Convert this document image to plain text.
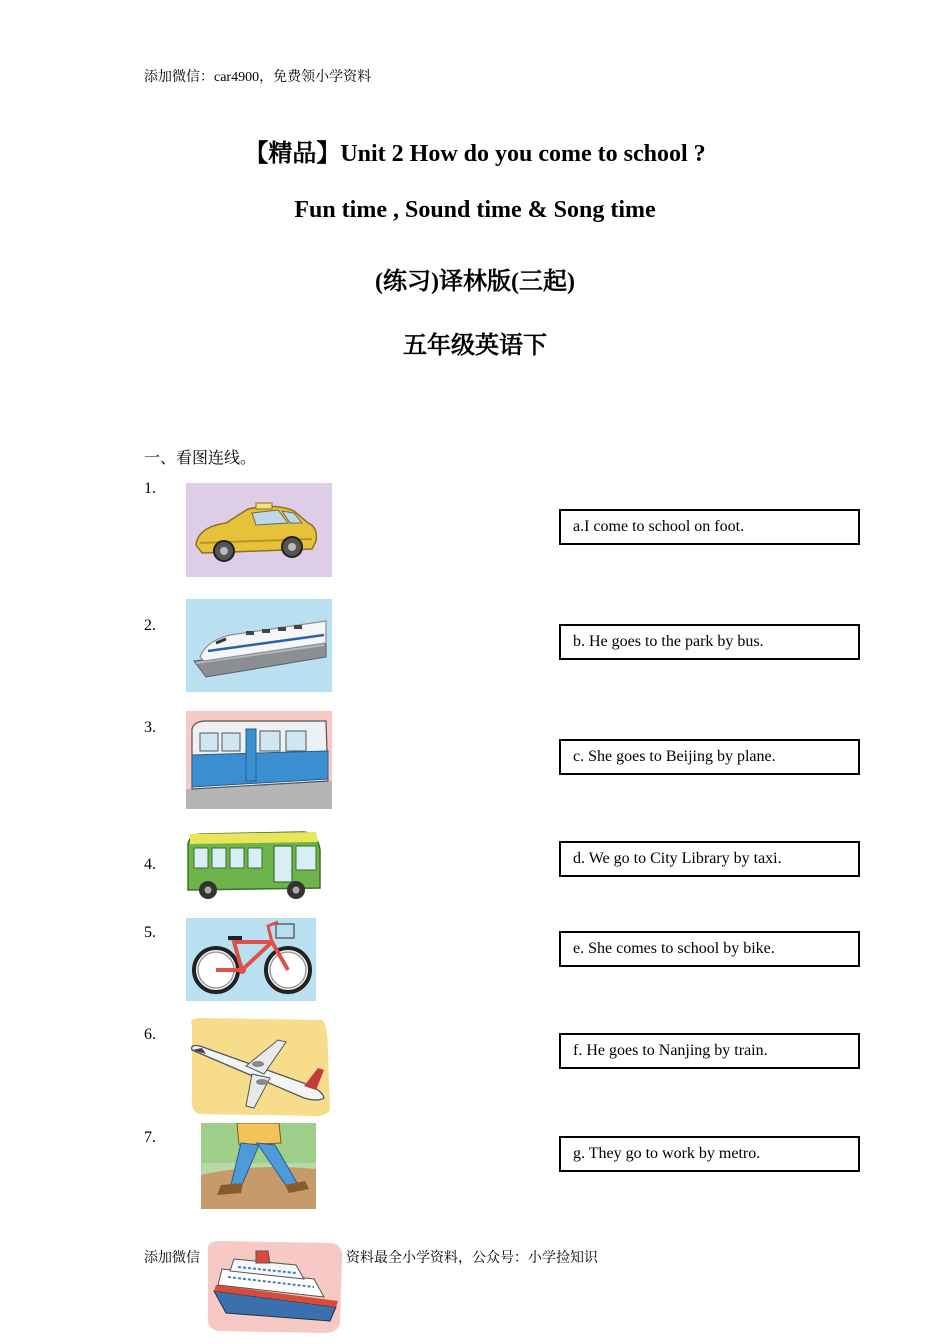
添加微信：car4900，免费领小学资料
【精品】Unit 2 How do you come to school ?
Fun time , Sound time & Song time
(练习)译林版(三起)
五年级英语下
一、看图连线。
1.
2.
3.
4.
5.
6.
7.
a.I come to school on foot.
b. He goes to the park by bus.
c. She goes to Beijing by plane.
d. We go to City Library by taxi.
e. She comes to school by bike.
f. He goes to Nanjing by train.
g. They go to work by metro.
添加微信	资料最全小学资料，公众号：小学捡知识
